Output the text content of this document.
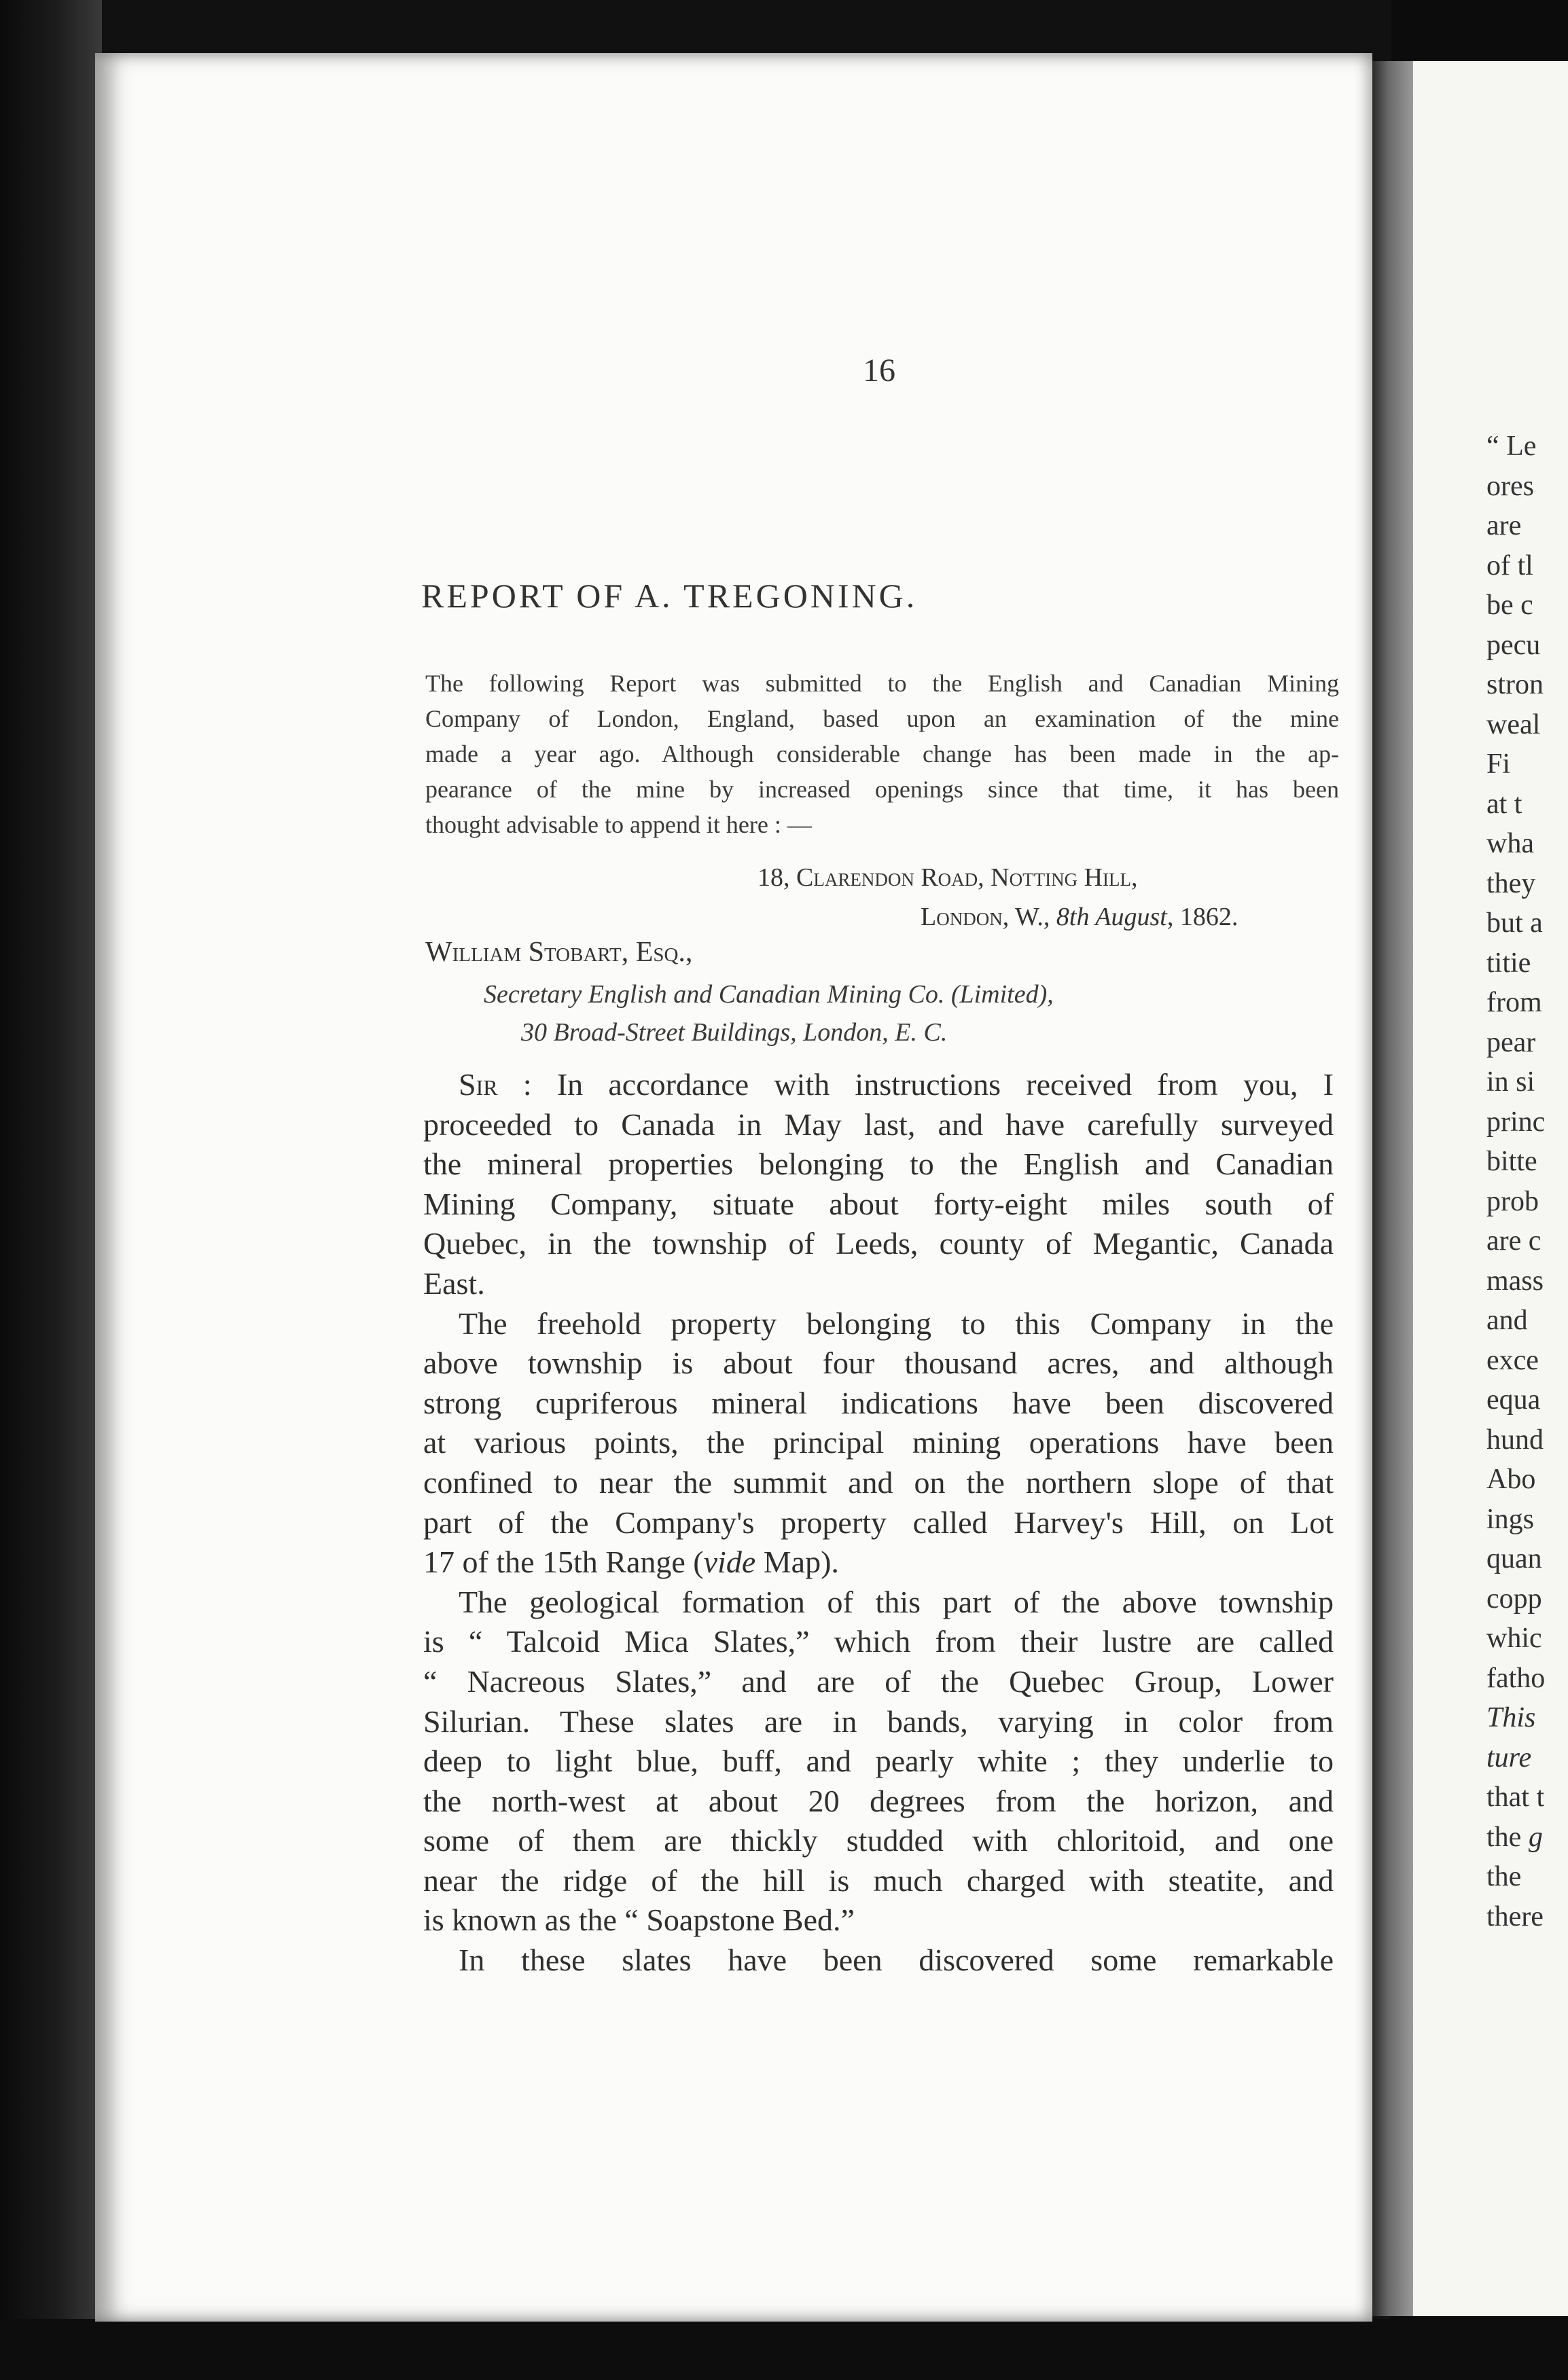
16
REPORT OF A. TREGONING.
The following Report was submitted to the English and Canadian Mining
Company of London, England, based upon an examination of the mine
made a year ago. Although considerable change has been made in the ap-
pearance of the mine by increased openings since that time, it has been
thought advisable to append it here : —
18, Clarendon Road, Notting Hill,
London, W., 8th August, 1862.
William Stobart, Esq.,
Secretary English and Canadian Mining Co. (Limited),
30 Broad-Street Buildings, London, E. C.
Sir : In accordance with instructions received from you, I
proceeded to Canada in May last, and have carefully surveyed
the mineral properties belonging to the English and Canadian
Mining Company, situate about forty-eight miles south of
Quebec, in the township of Leeds, county of Megantic, Canada
East.
The freehold property belonging to this Company in the
above township is about four thousand acres, and although
strong cupriferous mineral indications have been discovered
at various points, the principal mining operations have been
confined to near the summit and on the northern slope of that
part of the Company's property called Harvey's Hill, on Lot
17 of the 15th Range (vide Map).
The geological formation of this part of the above township
is “ Talcoid Mica Slates,” which from their lustre are called
“ Nacreous Slates,” and are of the Quebec Group, Lower
Silurian. These slates are in bands, varying in color from
deep to light blue, buff, and pearly white ; they underlie to
the north-west at about 20 degrees from the horizon, and
some of them are thickly studded with chloritoid, and one
near the ridge of the hill is much charged with steatite, and
is known as the “ Soapstone Bed.”
In these slates have been discovered some remarkable
“ Le
ores
are
of tl
be c
pecu
stron
weal
Fi
at t
wha
they
but a
titie
from
pear
in si
princ
bitte
prob
are c
mass
and
exce
equa
hund
Abo
ings
quan
copp
whic
fatho
This
ture
that t
the g
the
there
